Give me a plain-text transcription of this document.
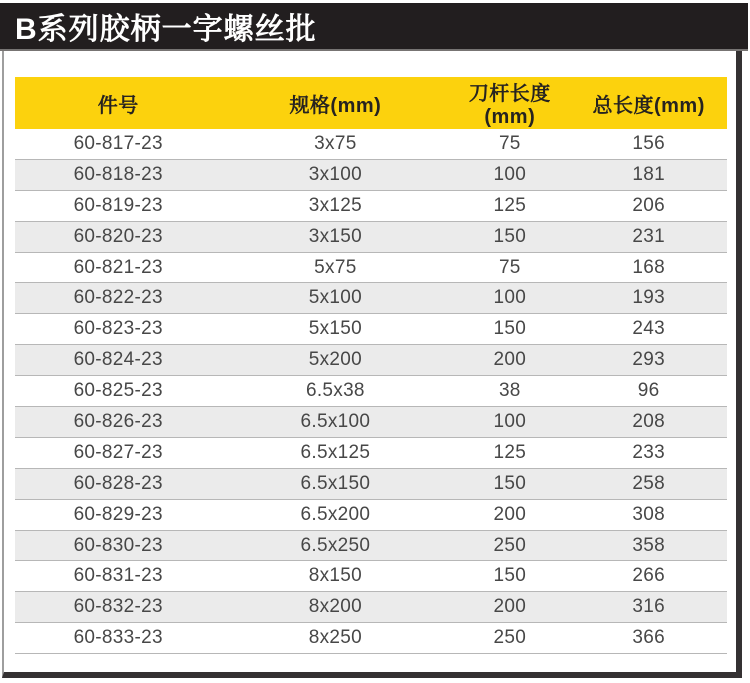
B系列胶柄一字螺丝批
件号	规格(mm)	刀杆长度(mm)	总长度(mm)
60-817-23	3x75	75	156
60-818-23	3x100	100	181
60-819-23	3x125	125	206
60-820-23	3x150	150	231
60-821-23	5x75	75	168
60-822-23	5x100	100	193
60-823-23	5x150	150	243
60-824-23	5x200	200	293
60-825-23	6.5x38	38	96
60-826-23	6.5x100	100	208
60-827-23	6.5x125	125	233
60-828-23	6.5x150	150	258
60-829-23	6.5x200	200	308
60-830-23	6.5x250	250	358
60-831-23	8x150	150	266
60-832-23	8x200	200	316
60-833-23	8x250	250	366
